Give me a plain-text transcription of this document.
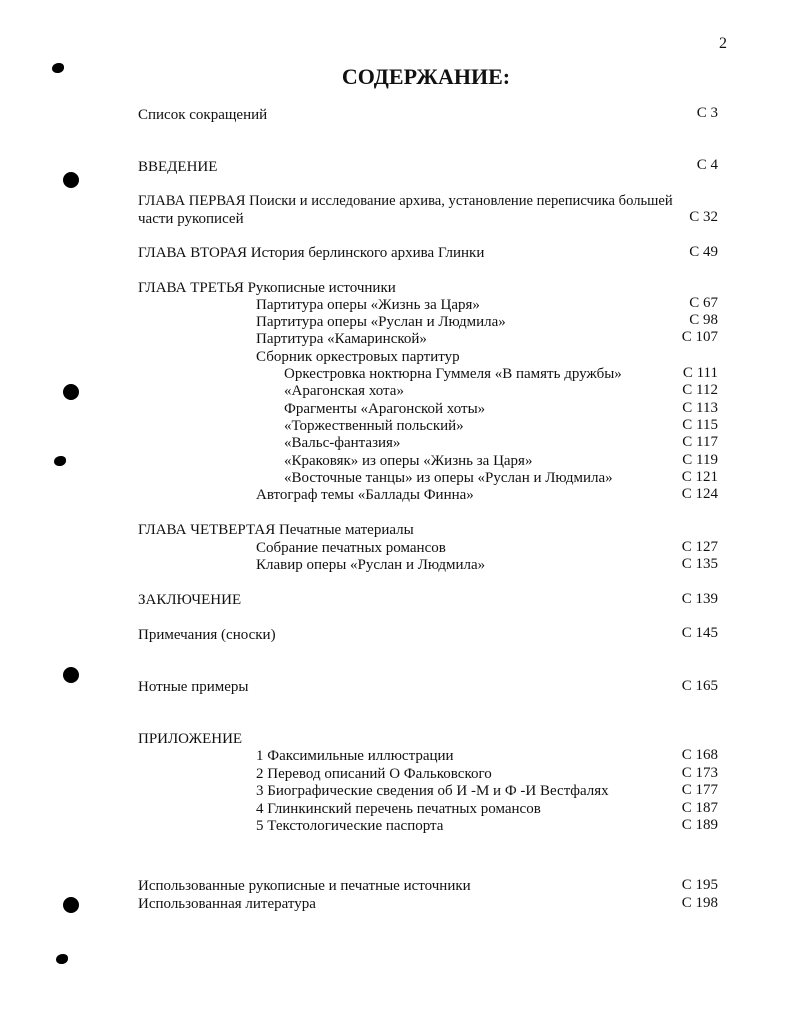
2
СОДЕРЖАНИЕ:
Список сокращений	С 3
ВВЕДЕНИЕ	С 4
ГЛАВА ПЕРВАЯ Поиски и исследование архива, установление переписчика большей
части рукописей	С 32
ГЛАВА ВТОРАЯ История берлинского архива Глинки	С 49
ГЛАВА ТРЕТЬЯ Рукописные источники
Партитура оперы «Жизнь за Царя»	С 67
Партитура оперы «Руслан и Людмила»	С 98
Партитура «Камаринской»	С 107
Сборник оркестровых партитур
Оркестровка ноктюрна Гуммеля «В память дружбы»	С 111
«Арагонская хота»	С 112
Фрагменты «Арагонской хоты»	С 113
«Торжественный польский»	С 115
«Вальс-фантазия»	С 117
«Краковяк» из оперы «Жизнь за Царя»	С 119
«Восточные танцы» из оперы «Руслан и Людмила»	С 121
Автограф темы «Баллады Финна»	С 124
ГЛАВА ЧЕТВЕРТАЯ Печатные материалы
Собрание печатных романсов	С 127
Клавир оперы «Руслан и Людмила»	С 135
ЗАКЛЮЧЕНИЕ	С 139
Примечания (сноски)	С 145
Нотные примеры	С 165
ПРИЛОЖЕНИЕ
1 Факсимильные иллюстрации	С 168
2 Перевод описаний О Фальковского	С 173
3 Биографические сведения об И -М и Ф -И Вестфалях	С 177
4 Глинкинский перечень печатных романсов	С 187
5 Текстологические паспорта	С 189
Использованные рукописные и печатные источники	С 195
Использованная литература	С 198
